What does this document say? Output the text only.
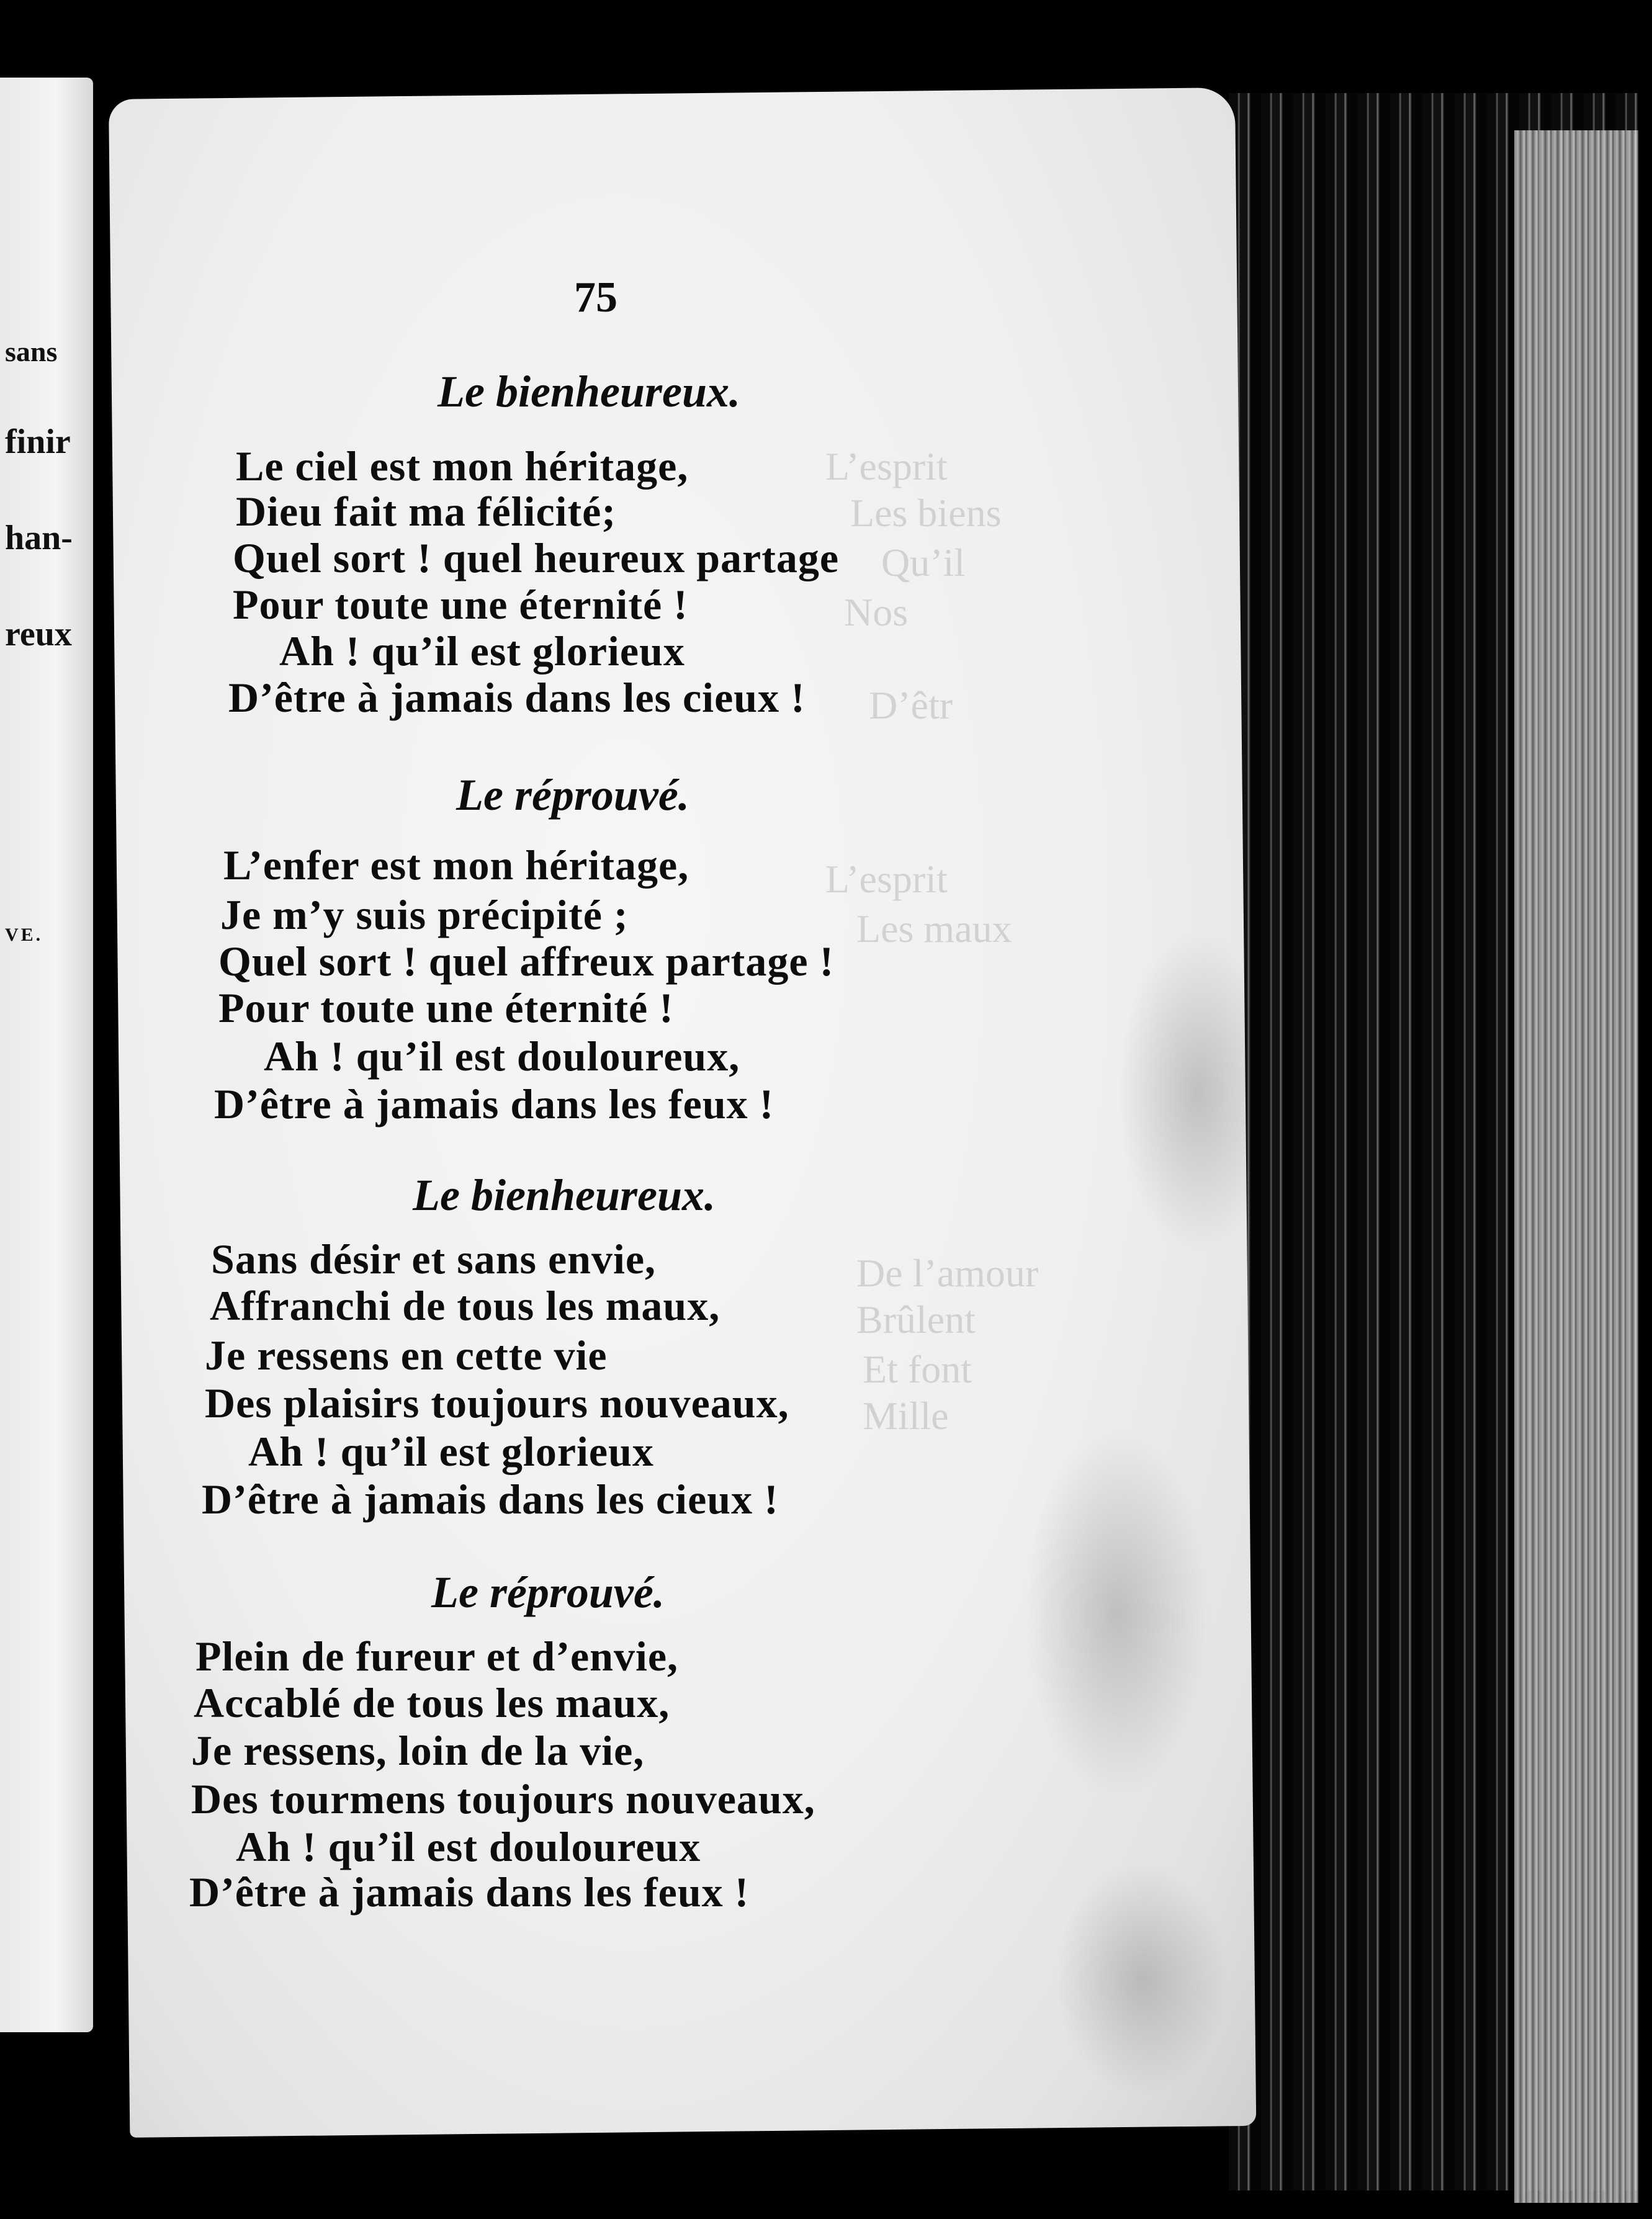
sans
finir
han-
reux
VE.
L’esprit
Les biens
Qu’il
Nos
D’êtr
L’esprit
Les maux
De l’amour
Brûlent
Et font
Mille
75
Le bienheureux.
Le ciel est mon héritage,
Dieu fait ma félicité;
Quel sort ! quel heureux partage
Pour toute une éternité !
Ah ! qu’il est glorieux
D’être à jamais dans les cieux !
Le réprouvé.
L’enfer est mon héritage,
Je m’y suis précipité ;
Quel sort ! quel affreux partage !
Pour toute une éternité !
Ah ! qu’il est douloureux,
D’être à jamais dans les feux !
Le bienheureux.
Sans désir et sans envie,
Affranchi de tous les maux,
Je ressens en cette vie
Des plaisirs toujours nouveaux,
Ah ! qu’il est glorieux
D’être à jamais dans les cieux !
Le réprouvé.
Plein de fureur et d’envie,
Accablé de tous les maux,
Je ressens, loin de la vie,
Des tourmens toujours nouveaux,
Ah ! qu’il est douloureux
D’être à jamais dans les feux !
